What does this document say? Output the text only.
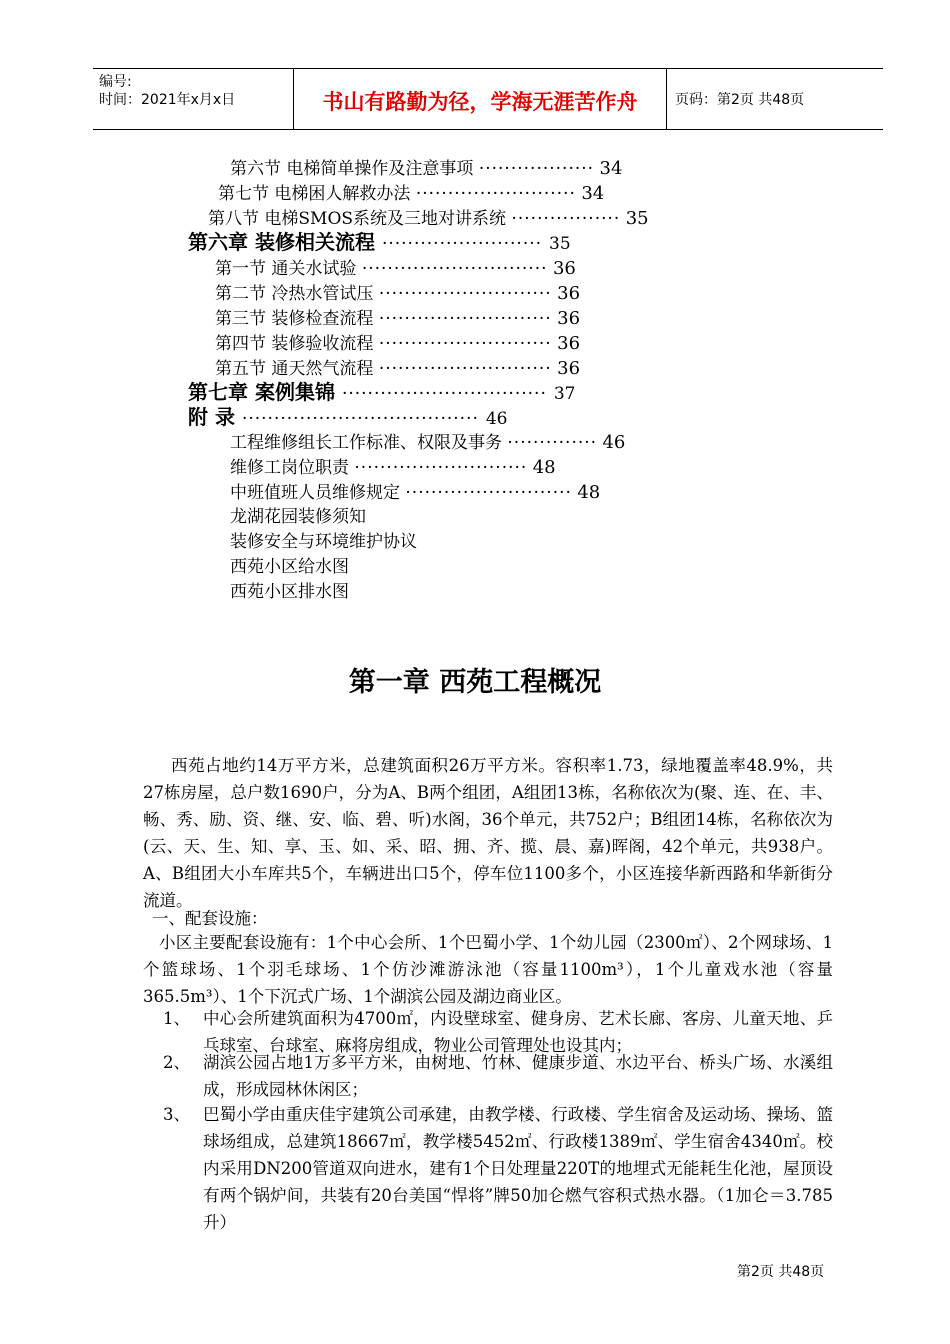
编号:
时间：2021年x月x日	书山有路勤为径，学海无涯苦作舟	页码：第2页 共48页
第六节 电梯简单操作及注意事项 ·················· 34
第七节 电梯困人解救办法 ························· 34
第八节 电梯SMOS系统及三地对讲系统 ················· 35
第六章 装修相关流程 ························· 35
第一节 通关水试验 ····························· 36
第二节 冷热水管试压 ··························· 36
第三节 装修检查流程 ··························· 36
第四节 装修验收流程 ··························· 36
第五节 通天然气流程 ··························· 36
第七章 案例集锦 ································ 37
附 录 ····································· 46
工程维修组长工作标准、权限及事务 ·············· 46
维修工岗位职责 ··························· 48
中班值班人员维修规定 ·························· 48
龙湖花园装修须知
装修安全与环境维护协议
西苑小区给水图
西苑小区排水图
第一章 西苑工程概况
西苑占地约14万平方米，总建筑面积26万平方米。容积率1.73，绿地覆盖率48.9%，共27栋房屋，总户数1690户，分为A、B两个组团，A组团13栋，名称依次为(聚、连、在、丰、畅、秀、励、资、继、安、临、碧、听)水阁，36个单元，共752户；B组团14栋，名称依次为(云、天、生、知、享、玉、如、采、昭、拥、齐、揽、晨、嘉)晖阁，42个单元，共938户。A、B组团大小车库共5个，车辆进出口5个，停车位1100多个，小区连接华新西路和华新街分流道。
一、配套设施：
小区主要配套设施有：1个中心会所、1个巴蜀小学、1个幼儿园（2300㎡）、2个网球场、1个篮球场、1个羽毛球场、1个仿沙滩游泳池（容量1100m³），1个儿童戏水池（容量365.5m³）、1个下沉式广场、1个湖滨公园及湖边商业区。
1、 中心会所建筑面积为4700㎡，内设壁球室、健身房、艺术长廊、客房、儿童天地、乒乓球室、台球室、麻将房组成，物业公司管理处也设其内；
2、 湖滨公园占地1万多平方米，由树地、竹林、健康步道、水边平台、桥头广场、水溪组成，形成园林休闲区；
3、 巴蜀小学由重庆佳宇建筑公司承建，由教学楼、行政楼、学生宿舍及运动场、操场、篮球场组成，总建筑18667㎡，教学楼5452㎡、行政楼1389㎡、学生宿舍4340㎡。校内采用DN200管道双向进水，建有1个日处理量220T的地埋式无能耗生化池，屋顶设有两个锅炉间，共装有20台美国“悍将”牌50加仑燃气容积式热水器。（1加仑＝3.785升）
第2页 共48页
